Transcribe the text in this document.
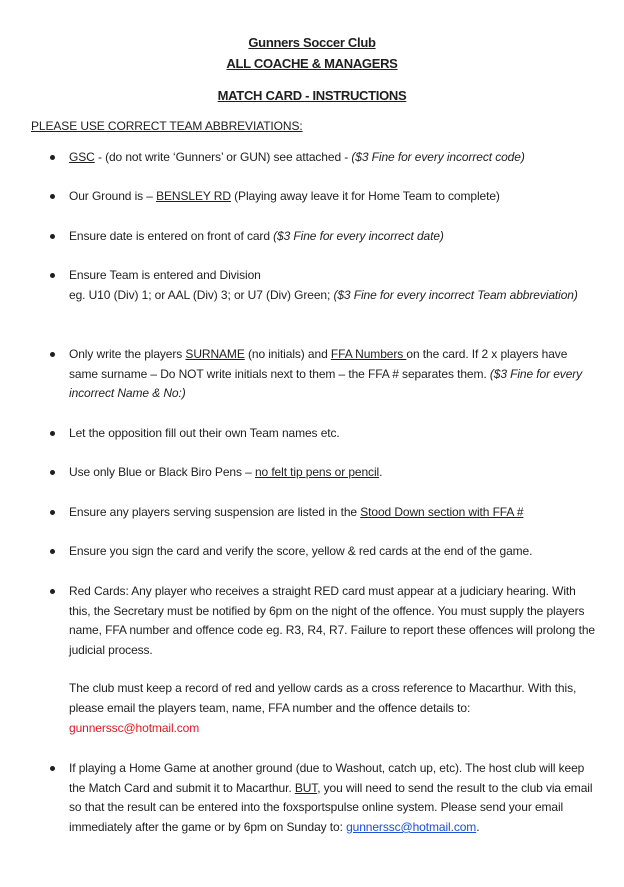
Gunners Soccer Club
ALL COACHE & MANAGERS
MATCH CARD - INSTRUCTIONS
PLEASE USE CORRECT TEAM ABBREVIATIONS:
GSC - (do not write ‘Gunners’ or GUN) see attached - ($3 Fine for every incorrect code)
Our Ground is – BENSLEY RD (Playing away leave it for Home Team to complete)
Ensure date is entered on front of card ($3 Fine for every incorrect date)
Ensure Team is entered and Division
eg. U10 (Div) 1; or AAL (Div) 3; or U7 (Div) Green; ($3 Fine for every incorrect Team abbreviation)
Only write the players SURNAME (no initials) and FFA Numbers on the card. If 2 x players have same surname – Do NOT write initials next to them – the FFA # separates them. ($3 Fine for every incorrect Name & No:)
Let the opposition fill out their own Team names etc.
Use only Blue or Black Biro Pens – no felt tip pens or pencil.
Ensure any players serving suspension are listed in the Stood Down section with FFA #
Ensure you sign the card and verify the score, yellow & red cards at the end of the game.
Red Cards: Any player who receives a straight RED card must appear at a judiciary hearing. With this, the Secretary must be notified by 6pm on the night of the offence. You must supply the players name, FFA number and offence code eg. R3, R4, R7. Failure to report these offences will prolong the judicial process.
The club must keep a record of red and yellow cards as a cross reference to Macarthur. With this, please email the players team, name, FFA number and the offence details to:
gunnerssc@hotmail.com
If playing a Home Game at another ground (due to Washout, catch up, etc). The host club will keep the Match Card and submit it to Macarthur. BUT, you will need to send the result to the club via email so that the result can be entered into the foxsportspulse online system. Please send your email immediately after the game or by 6pm on Sunday to: gunnerssc@hotmail.com.
